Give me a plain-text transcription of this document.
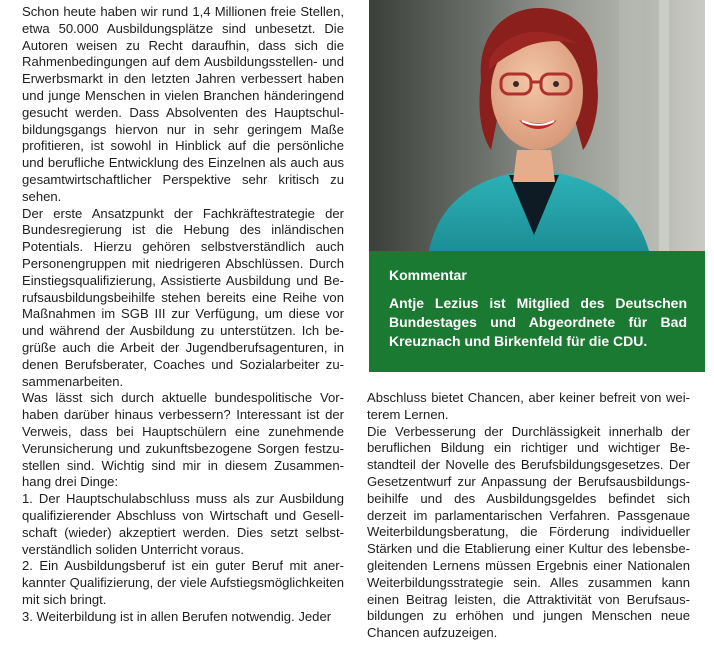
Schon heute haben wir rund 1,4 Millionen freie Stellen, etwa 50.000 Ausbildungsplätze sind unbesetzt. Die Autoren weisen zu Recht daraufhin, dass sich die Rahmenbedingungen auf dem Ausbildungsstellen- und Erwerbsmarkt in den letzten Jahren verbessert haben und junge Menschen in vielen Branchen händeringend gesucht werden. Dass Absolventen des Hauptschulbildungsgangs hiervon nur in sehr geringem Maße profitieren, ist sowohl in Hinblick auf die persönliche und berufliche Entwicklung des Einzelnen als auch aus gesamtwirtschaftlicher Perspektive sehr kritisch zu sehen.

Der erste Ansatzpunkt der Fachkräftestrategie der Bundesregierung ist die Hebung des inländischen Potentials. Hierzu gehören selbstverständlich auch Personengruppen mit niedrigeren Abschlüssen. Durch Einstiegsqualifizierung, Assistierte Ausbildung und Berufsausbildungsbeihilfe stehen bereits eine Reihe von Maßnahmen im SGB III zur Verfügung, um diese vor und während der Ausbildung zu unterstützen. Ich begrüße auch die Arbeit der Jugendberufsagenturen, in denen Berufsberater, Coaches und Sozialarbeiter zusammenarbeiten.

Was lässt sich durch aktuelle bundespolitische Vorhaben darüber hinaus verbessern? Interessant ist der Verweis, dass bei Hauptschülern eine zunehmende Verunsicherung und zukunftsbezogene Sorgen festzustellen sind. Wichtig sind mir in diesem Zusammenhang drei Dinge:

1. Der Hauptschulabschluss muss als zur Ausbildung qualifizierender Abschluss von Wirtschaft und Gesellschaft (wieder) akzeptiert werden. Dies setzt selbstverständlich soliden Unterricht voraus.

2. Ein Ausbildungsberuf ist ein guter Beruf mit anerkannter Qualifizierung, der viele Aufstiegsmöglichkeiten mit sich bringt.

3. Weiterbildung ist in allen Berufen notwendig. Jeder

Kommentar

Antje Lezius ist Mitglied des Deutschen Bundestages und Abgeordnete für Bad Kreuznach und Birkenfeld für die CDU.

Abschluss bietet Chancen, aber keiner befreit von weiterem Lernen.

Die Verbesserung der Durchlässigkeit innerhalb der beruflichen Bildung ein richtiger und wichtiger Bestandteil der Novelle des Berufsbildungsgesetzes. Der Gesetzentwurf zur Anpassung der Berufsausbildungsbeihilfe und des Ausbildungsgeldes befindet sich derzeit im parlamentarischen Verfahren. Passgenaue Weiterbildungsberatung, die Förderung individueller Stärken und die Etablierung einer Kultur des lebensbegleitenden Lernens müssen Ergebnis einer Nationalen Weiterbildungsstrategie sein. Alles zusammen kann einen Beitrag leisten, die Attraktivität von Berufsausbildungen zu erhöhen und jungen Menschen neue Chancen aufzuzeigen.
